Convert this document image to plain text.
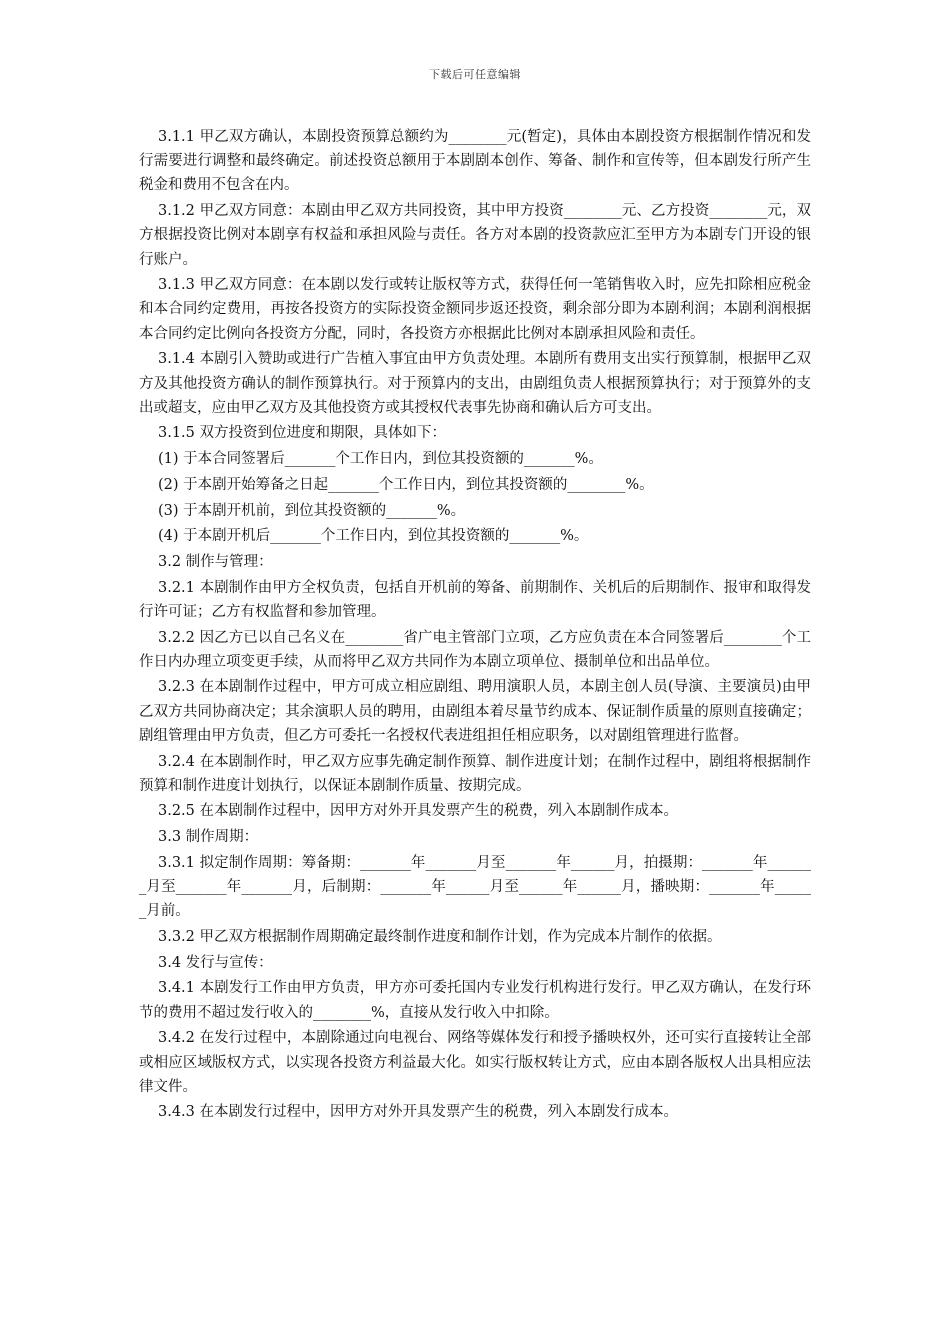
下载后可任意编辑

3.1.1 甲乙双方确认，本剧投资预算总额约为________元(暂定)，具体由本剧投资方根据制作情况和发行需要进行调整和最终确定。前述投资总额用于本剧剧本创作、筹备、制作和宣传等，但本剧发行所产生税金和费用不包含在内。

3.1.2 甲乙双方同意：本剧由甲乙双方共同投资，其中甲方投资________元、乙方投资________元，双方根据投资比例对本剧享有权益和承担风险与责任。各方对本剧的投资款应汇至甲方为本剧专门开设的银行账户。

3.1.3 甲乙双方同意：在本剧以发行或转让版权等方式，获得任何一笔销售收入时，应先扣除相应税金和本合同约定费用，再按各投资方的实际投资金额同步返还投资，剩余部分即为本剧利润；本剧利润根据本合同约定比例向各投资方分配，同时，各投资方亦根据此比例对本剧承担风险和责任。

3.1.4 本剧引入赞助或进行广告植入事宜由甲方负责处理。本剧所有费用支出实行预算制，根据甲乙双方及其他投资方确认的制作预算执行。对于预算内的支出，由剧组负责人根据预算执行；对于预算外的支出或超支，应由甲乙双方及其他投资方或其授权代表事先协商和确认后方可支出。

3.1.5 双方投资到位进度和期限，具体如下：

(1) 于本合同签署后_______个工作日内，到位其投资额的_______%。

(2) 于本剧开始筹备之日起_______个工作日内，到位其投资额的________%。

(3) 于本剧开机前，到位其投资额的_______%。

(4) 于本剧开机后_______个工作日内，到位其投资额的_______%。

3.2 制作与管理：

3.2.1 本剧制作由甲方全权负责，包括自开机前的筹备、前期制作、关机后的后期制作、报审和取得发行许可证；乙方有权监督和参加管理。

3.2.2 因乙方已以自己名义在________省广电主管部门立项，乙方应负责在本合同签署后________个工作日内办理立项变更手续，从而将甲乙双方共同作为本剧立项单位、摄制单位和出品单位。

3.2.3 在本剧制作过程中，甲方可成立相应剧组、聘用演职人员，本剧主创人员(导演、主要演员)由甲乙双方共同协商决定；其余演职人员的聘用，由剧组本着尽量节约成本、保证制作质量的原则直接确定；剧组管理由甲方负责，但乙方可委托一名授权代表进组担任相应职务，以对剧组管理进行监督。

3.2.4 在本剧制作时，甲乙双方应事先确定制作预算、制作进度计划；在制作过程中，剧组将根据制作预算和制作进度计划执行，以保证本剧制作质量、按期完成。

3.2.5 在本剧制作过程中，因甲方对外开具发票产生的税费，列入本剧制作成本。

3.3 制作周期：

3.3.1 拟定制作周期：筹备期：_______年_______月至_______年______月，拍摄期：_______年_______月至_______年_______月，后制期：_______年______月至______年______月，播映期：_______年______月前。

3.3.2 甲乙双方根据制作周期确定最终制作进度和制作计划，作为完成本片制作的依据。

3.4 发行与宣传：

3.4.1 本剧发行工作由甲方负责，甲方亦可委托国内专业发行机构进行发行。甲乙双方确认，在发行环节的费用不超过发行收入的________%，直接从发行收入中扣除。

3.4.2 在发行过程中，本剧除通过向电视台、网络等媒体发行和授予播映权外，还可实行直接转让全部或相应区域版权方式，以实现各投资方利益最大化。如实行版权转让方式，应由本剧各版权人出具相应法律文件。

3.4.3 在本剧发行过程中，因甲方对外开具发票产生的税费，列入本剧发行成本。
